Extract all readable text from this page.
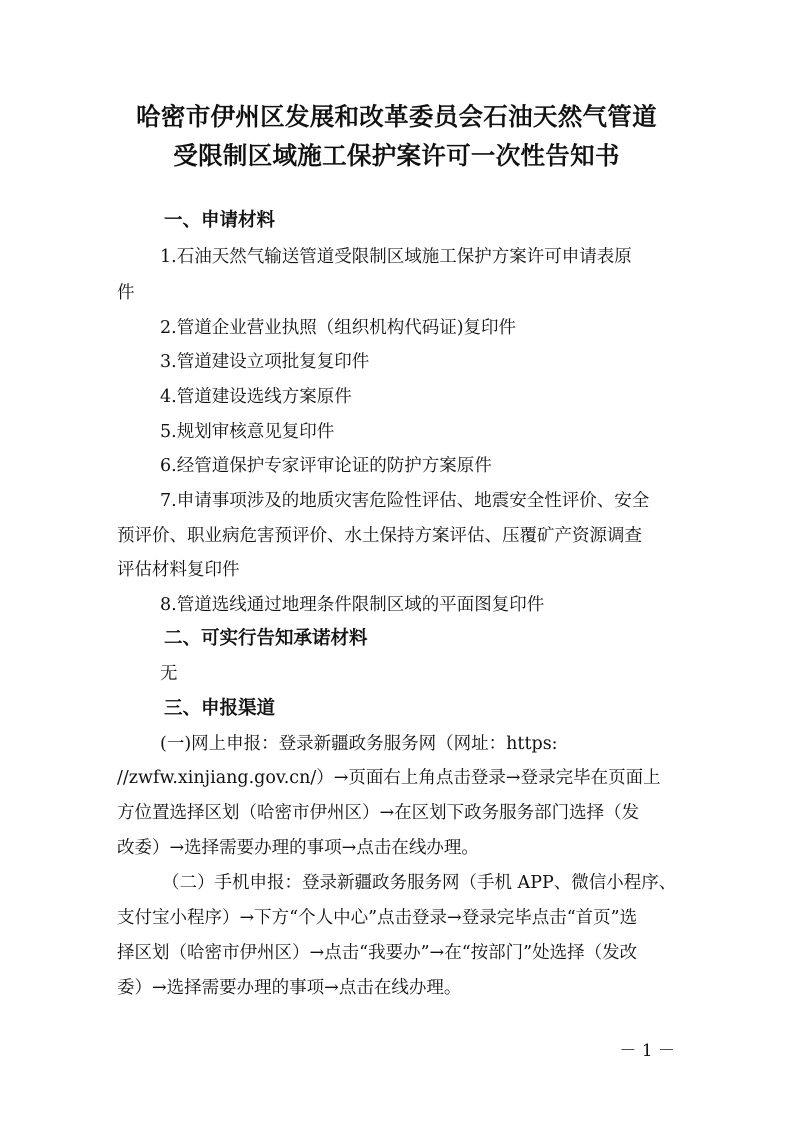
哈密市伊州区发展和改革委员会石油天然气管道
受限制区域施工保护案许可一次性告知书
一、申请材料
1.石油天然气输送管道受限制区域施工保护方案许可申请表原
件
2.管道企业营业执照（组织机构代码证)复印件
3.管道建设立项批复复印件
4.管道建设选线方案原件
5.规划审核意见复印件
6.经管道保护专家评审论证的防护方案原件
7.申请事项涉及的地质灾害危险性评估、地震安全性评价、安全
预评价、职业病危害预评价、水土保持方案评估、压覆矿产资源调查
评估材料复印件
8.管道选线通过地理条件限制区域的平面图复印件
二、可实行告知承诺材料
无
三、申报渠道
(一)网上申报：登录新疆政务服务网（网址：https:
//zwfw.xinjiang.gov.cn/）→页面右上角点击登录→登录完毕在页面上
方位置选择区划（哈密市伊州区）→在区划下政务服务部门选择（发
改委）→选择需要办理的事项→点击在线办理。
（二）手机申报：登录新疆政务服务网（手机 APP、微信小程序、
支付宝小程序）→下方“个人中心”点击登录→登录完毕点击“首页”选
择区划（哈密市伊州区）→点击“我要办”→在“按部门”处选择（发改
委）→选择需要办理的事项→点击在线办理。
－ 1 －
